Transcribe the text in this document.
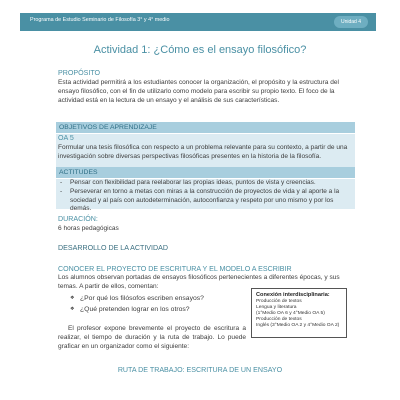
Programa de Estudio Seminario de Filosofía 3° y 4° medio	Unidad 4
Actividad 1: ¿Cómo es el ensayo filosófico?
PROPÓSITO
Esta actividad permitirá a los estudiantes conocer la organización, el propósito y la estructura del ensayo filosófico, con el fin de utilizarlo como modelo para escribir su propio texto. El foco de la actividad está en la lectura de un ensayo y el análisis de sus características.
OBJETIVOS DE APRENDIZAJE
OA 5
Formular una tesis filosófica con respecto a un problema relevante para su contexto, a partir de una investigación sobre diversas perspectivas filosóficas presentes en la historia de la filosofía.
ACTITUDES
- Pensar con flexibilidad para reelaborar las propias ideas, puntos de vista y creencias.
- Perseverar en torno a metas con miras a la construcción de proyectos de vida y al aporte a la sociedad y al país con autodeterminación, autoconfianza y respeto por uno mismo y por los demás.
DURACIÓN:
6 horas pedagógicas
DESARROLLO DE LA ACTIVIDAD
CONOCER EL PROYECTO DE ESCRITURA Y EL MODELO A ESCRIBIR
Los alumnos observan portadas de ensayos filosóficos pertenecientes a diferentes épocas, y sus temas. A partir de ellos, comentan:
❖ ¿Por qué los filósofos escriben ensayos?
❖ ¿Qué pretenden lograr en los otros?
Conexión interdisciplinaria:
Producción de textos
Lengua y literatura
(1°Medio OA 6 y 4°Medio OA 5)
Producción de textos
Inglés (3°Medio OA 2 y 4°Medio OA 2)
El profesor expone brevemente el proyecto de escritura a realizar, el tiempo de duración y la ruta de trabajo. Lo puede graficar en un organizador como el siguiente:
RUTA DE TRABAJO: ESCRITURA DE UN ENSAYO
